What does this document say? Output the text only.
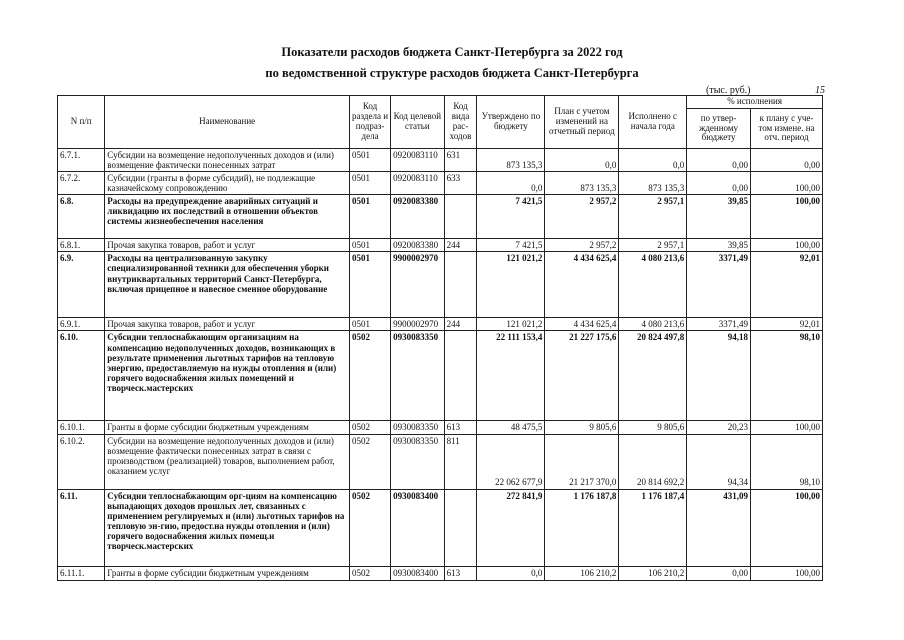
Показатели расходов бюджета Санкт-Петербурга за 2022 год
по ведомственной структуре расходов бюджета Санкт-Петербурга
(тыс. руб.)	15
N п/п	Наименование	Код раздела и подраз-дела	Код целевой статьи	Код вида рас-ходов	Утверждено по бюджету	План с учетом изменений на отчетный период	Исполнено с начала года	% исполнения	
								по утвер-жденному бюджету	к плану с уче-том измене. на отч. период
6.7.1.	Субсидии на возмещение недополученных доходов и (или) возмещение фактически понесенных затрат	0501	0920083110	631	873 135,3	0,0	0,0	0,00	0,00
6.7.2.	Субсидии (гранты в форме субсидий), не подлежащие казначейскому сопровождению	0501	0920083110	633	0,0	873 135,3	873 135,3	0,00	100,00
6.8.	Расходы на предупреждение аварийных ситуаций и ликвидацию их последствий в отношении объектов системы жизнеобеспечения населения	0501	0920083380		7 421,5	2 957,2	2 957,1	39,85	100,00
6.8.1.	Прочая закупка товаров, работ и услуг	0501	0920083380	244	7 421,5	2 957,2	2 957,1	39,85	100,00
6.9.	Расходы на централизованную закупку специализированной техники для обеспечения уборки внутриквартальных территорий Санкт-Петербурга, включая прицепное и навесное сменное оборудование	0501	9900002970		121 021,2	4 434 625,4	4 080 213,6	3371,49	92,01
6.9.1.	Прочая закупка товаров, работ и услуг	0501	9900002970	244	121 021,2	4 434 625,4	4 080 213,6	3371,49	92,01
6.10.	Субсидии теплоснабжающим организациям на компенсацию недополученных доходов, возникающих в результате применения льготных тарифов на тепловую энергию, предоставляемую на нужды отопления и (или) горячего водоснабжения жилых помещений и творческ.мастерских	0502	0930083350		22 111 153,4	21 227 175,6	20 824 497,8	94,18	98,10
6.10.1.	Гранты в форме субсидии бюджетным учреждениям	0502	0930083350	613	48 475,5	9 805,6	9 805,6	20,23	100,00
6.10.2.	Субсидии на возмещение недополученных доходов и (или) возмещение фактически понесенных затрат в связи с производством (реализацией) товаров, выполнением работ, оказанием услуг	0502	0930083350	811	22 062 677,9	21 217 370,0	20 814 692,2	94,34	98,10
6.11.	Субсидии теплоснабжающим орг-циям на компенсацию выпадающих доходов прошлых лет, связанных с применением регулируемых и (или) льготных тарифов на тепловую эн-гию, предост.на нужды отопления и (или) горячего водоснабжения жилых помещ.и творческ.мастерских	0502	0930083400		272 841,9	1 176 187,8	1 176 187,4	431,09	100,00
6.11.1.	Гранты в форме субсидии бюджетным учреждениям	0502	0930083400	613	0,0	106 210,2	106 210,2	0,00	100,00
